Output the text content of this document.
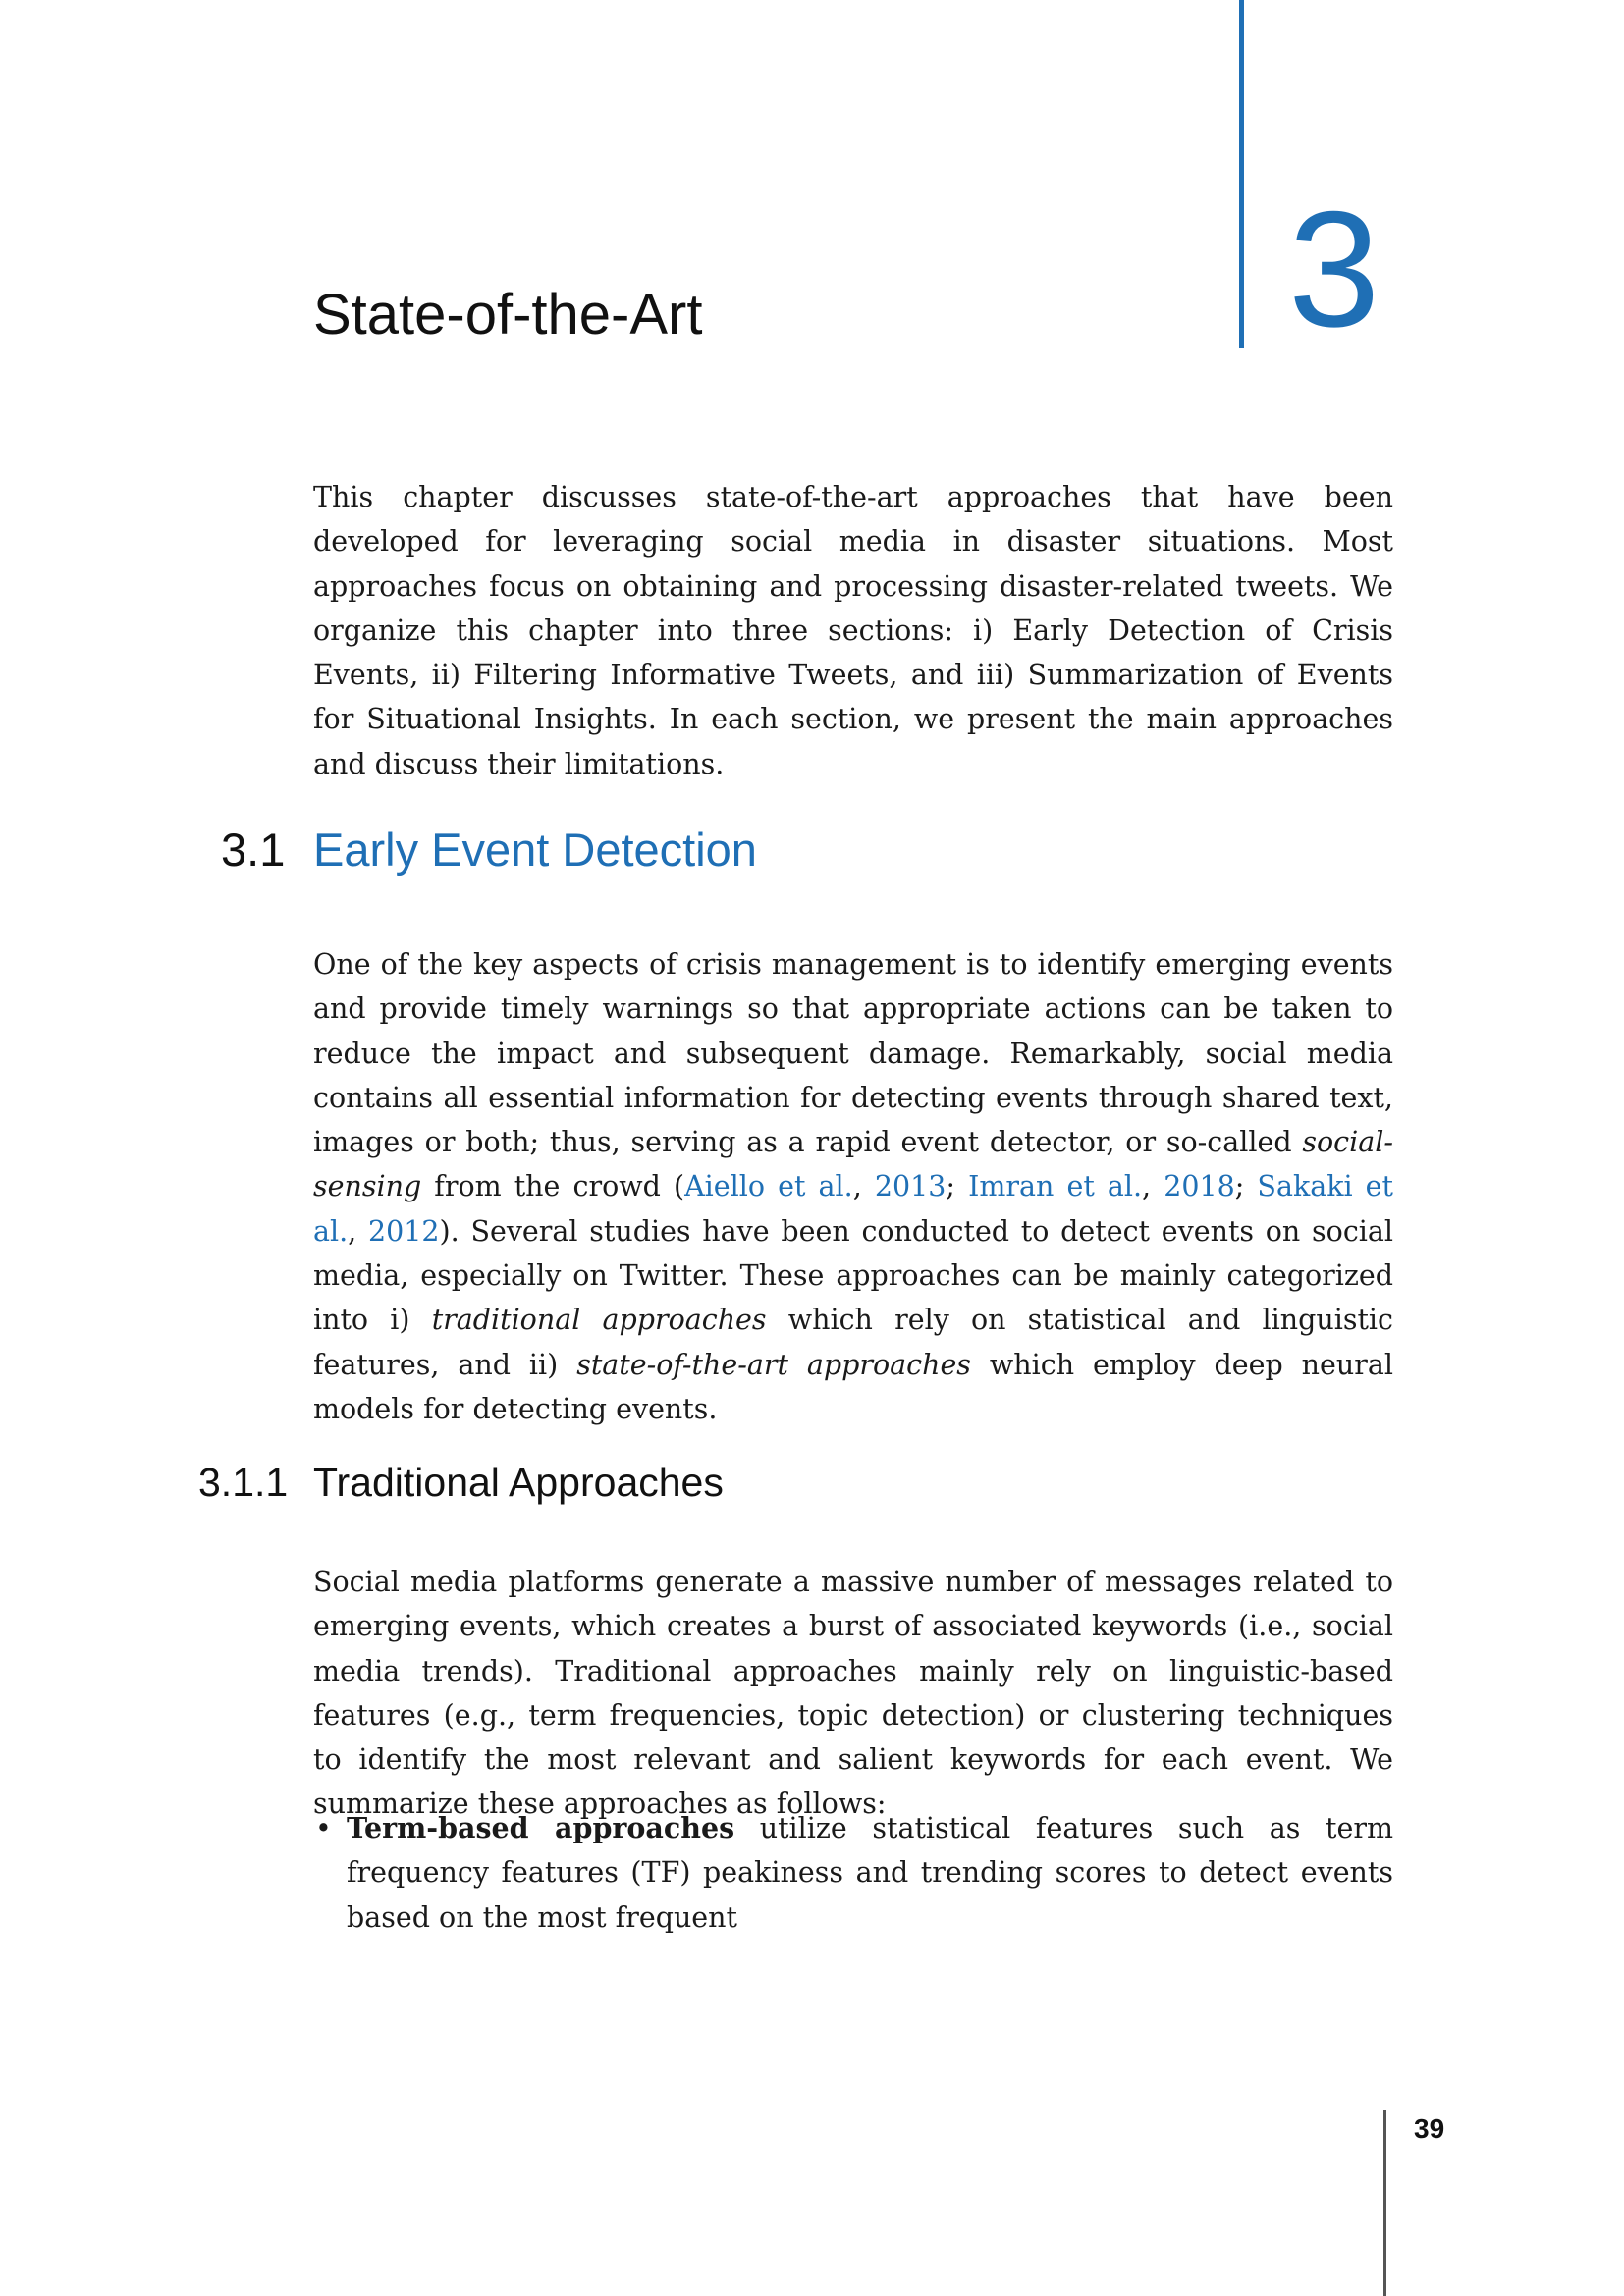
3
State-of-the-Art

This chapter discusses state-of-the-art approaches that have been developed for leveraging social media in disaster situations. Most approaches focus on obtaining and processing disaster-related tweets. We organize this chapter into three sections: i) Early Detection of Crisis Events, ii) Filtering Informative Tweets, and iii) Summarization of Events for Situational Insights. In each section, we present the main approaches and discuss their limitations.

3.1 Early Event Detection

One of the key aspects of crisis management is to identify emerging events and provide timely warnings so that appropriate actions can be taken to reduce the impact and subsequent damage. Remarkably, social media contains all essential information for detecting events through shared text, images or both; thus, serving as a rapid event detector, or so-called social-sensing from the crowd (Aiello et al., 2013; Imran et al., 2018; Sakaki et al., 2012). Several studies have been conducted to detect events on social media, especially on Twitter. These approaches can be mainly categorized into i) traditional approaches which rely on statistical and linguistic features, and ii) state-of-the-art approaches which employ deep neural models for detecting events.

3.1.1 Traditional Approaches

Social media platforms generate a massive number of messages related to emerging events, which creates a burst of associated keywords (i.e., social media trends). Traditional approaches mainly rely on linguistic-based features (e.g., term frequencies, topic detection) or clustering techniques to identify the most relevant and salient keywords for each event. We summarize these approaches as follows:

• Term-based approaches utilize statistical features such as term frequency features (TF) peakiness and trending scores to detect events based on the most frequent
39
